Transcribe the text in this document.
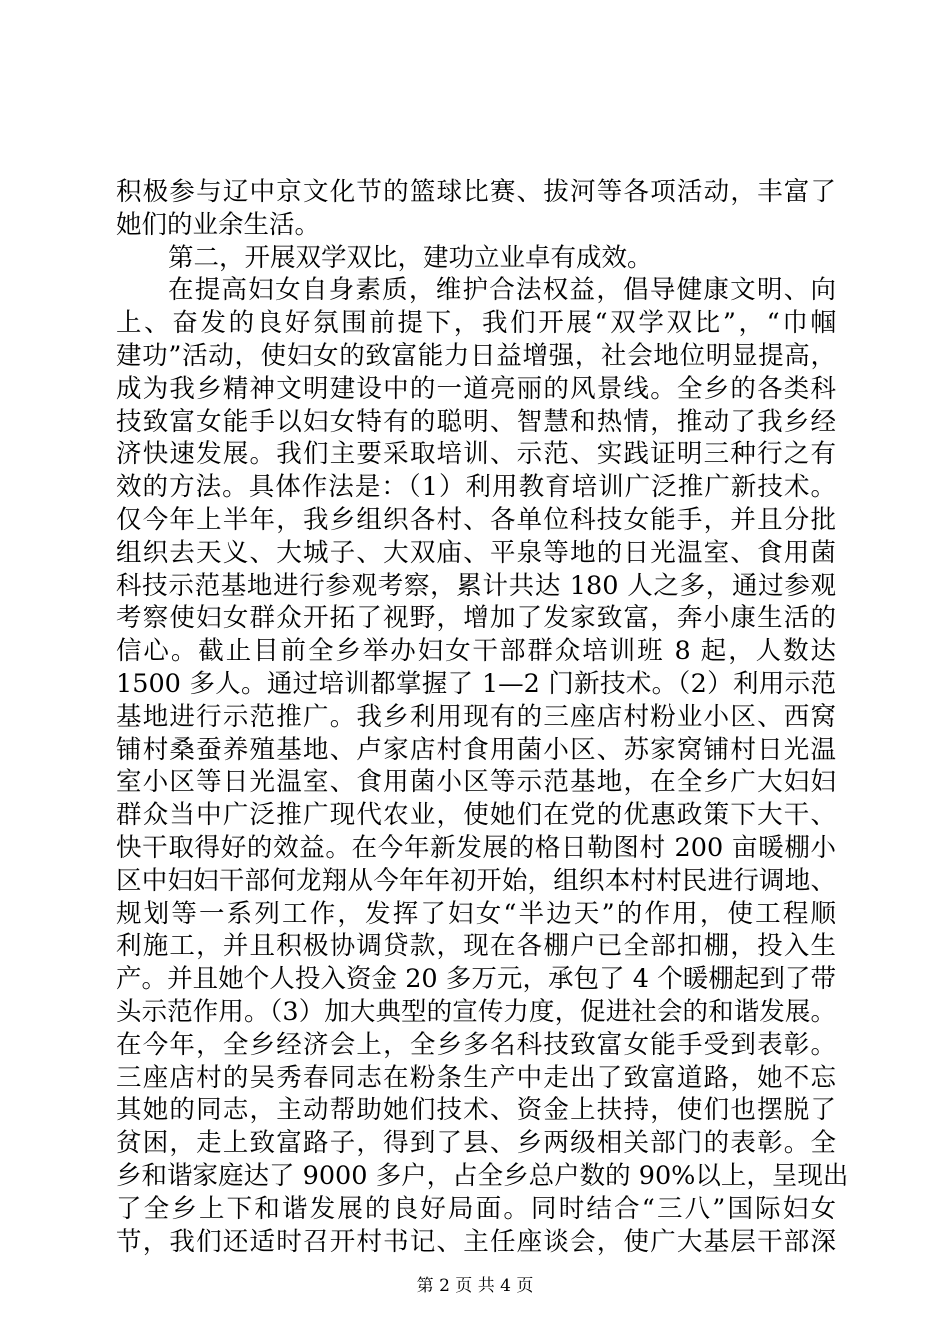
积极参与辽中京文化节的篮球比赛、拔河等各项活动，丰富了
她们的业余生活。
第二，开展双学双比，建功立业卓有成效。
在提高妇女自身素质，维护合法权益，倡导健康文明、向
上、奋发的良好氛围前提下，我们开展“双学双比”，“巾帼
建功”活动，使妇女的致富能力日益增强，社会地位明显提高，
成为我乡精神文明建设中的一道亮丽的风景线。全乡的各类科
技致富女能手以妇女特有的聪明、智慧和热情，推动了我乡经
济快速发展。我们主要采取培训、示范、实践证明三种行之有
效的方法。具体作法是：（1）利用教育培训广泛推广新技术。
仅今年上半年，我乡组织各村、各单位科技女能手，并且分批
组织去天义、大城子、大双庙、平泉等地的日光温室、食用菌
科技示范基地进行参观考察，累计共达 180 人之多，通过参观
考察使妇女群众开拓了视野，增加了发家致富，奔小康生活的
信心。截止目前全乡举办妇女干部群众培训班 8 起，人数达
1500 多人。通过培训都掌握了 1—2 门新技术。（2）利用示范
基地进行示范推广。我乡利用现有的三座店村粉业小区、西窝
铺村桑蚕养殖基地、卢家店村食用菌小区、苏家窝铺村日光温
室小区等日光温室、食用菌小区等示范基地，在全乡广大妇妇
群众当中广泛推广现代农业，使她们在党的优惠政策下大干、
快干取得好的效益。在今年新发展的格日勒图村 200 亩暖棚小
区中妇妇干部何龙翔从今年年初开始，组织本村村民进行调地、
规划等一系列工作，发挥了妇女“半边天”的作用，使工程顺
利施工，并且积极协调贷款，现在各棚户已全部扣棚，投入生
产。并且她个人投入资金 20 多万元，承包了 4 个暖棚起到了带
头示范作用。（3）加大典型的宣传力度，促进社会的和谐发展。
在今年，全乡经济会上，全乡多名科技致富女能手受到表彰。
三座店村的吴秀春同志在粉条生产中走出了致富道路，她不忘
其她的同志，主动帮助她们技术、资金上扶持，使们也摆脱了
贫困，走上致富路子，得到了县、乡两级相关部门的表彰。全
乡和谐家庭达了 9000 多户，占全乡总户数的 90%以上，呈现出
了全乡上下和谐发展的良好局面。同时结合“三八”国际妇女
节，我们还适时召开村书记、主任座谈会，使广大基层干部深
第 2 页 共 4 页
